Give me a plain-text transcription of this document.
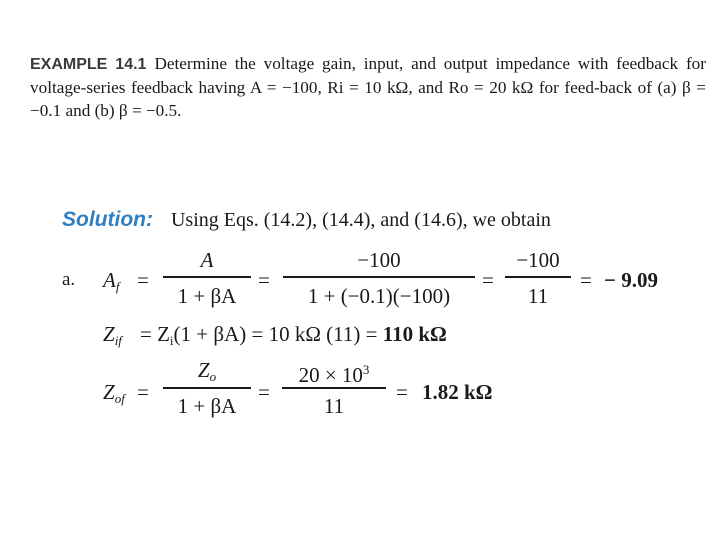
EXAMPLE 14.1 Determine the voltage gain, input, and output impedance with feedback for voltage-series feedback having A = −100, Ri = 10 kΩ, and Ro = 20 kΩ for feed-back of (a) β = −0.1 and (b) β = −0.5.
Solution: Using Eqs. (14.2), (14.4), and (14.6), we obtain
a. $A_f$ =
A
1 + βA
=
−100
1 + (−0.1)(−100)
=
−100
11
= − 9.09
$Z_{if} = Z_i(1 + \beta A) = 10$ kΩ (11) = 110 kΩ
$Z_{of}$ =
$Z_o$
1 + βA
=
$20 \times 10^3$
11
= 1.82 kΩ
